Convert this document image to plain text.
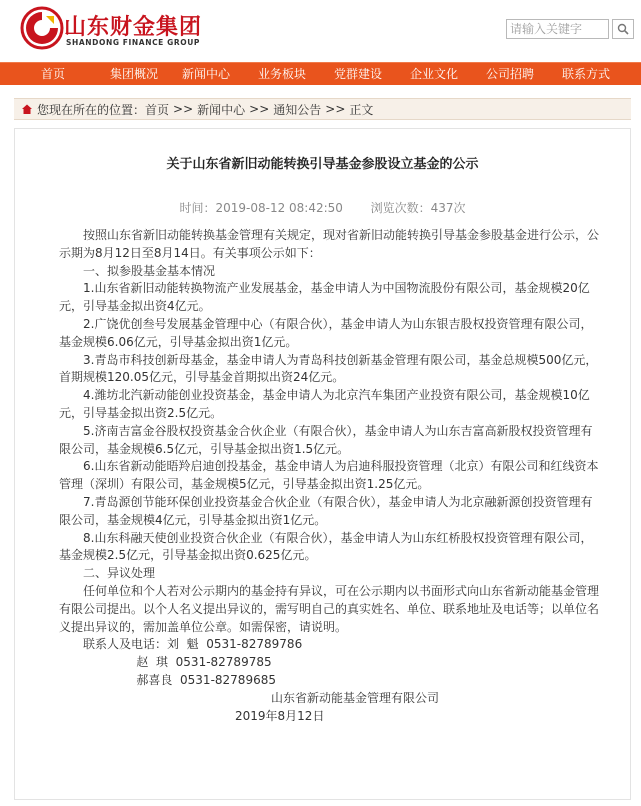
山东财金集团
SHANDONG FINANCE GROUP
请输入关键字
首页	集团概况	新闻中心	业务板块	党群建设	企业文化	公司招聘	联系方式
您现在所在的位置： 首页 >> 新闻中心 >> 通知公告 >> 正文
关于山东省新旧动能转换引导基金参股设立基金的公示
时间：2019-08-12 08:42:50 浏览次数：437次

按照山东省新旧动能转换基金管理有关规定，现对省新旧动能转换引导基金参股基金进行公示，公示期为8月12日至8月14日。有关事项公示如下：

一、拟参股基金基本情况

1.山东省新旧动能转换物流产业发展基金，基金申请人为中国物流股份有限公司，基金规模20亿元，引导基金拟出资4亿元。

2.广饶优创叁号发展基金管理中心（有限合伙），基金申请人为山东银吉股权投资管理有限公司，基金规模6.06亿元，引导基金拟出资1亿元。

3.青岛市科技创新母基金，基金申请人为青岛科技创新基金管理有限公司，基金总规模500亿元，首期规模120.05亿元，引导基金首期拟出资24亿元。

4.潍坊北汽新动能创业投资基金，基金申请人为北京汽车集团产业投资有限公司，基金规模10亿元，引导基金拟出资2.5亿元。

5.济南吉富金谷股权投资基金合伙企业（有限合伙），基金申请人为山东吉富高新股权投资管理有限公司，基金规模6.5亿元，引导基金拟出资1.5亿元。

6.山东省新动能晤羚启迪创投基金，基金申请人为启迪科服投资管理（北京）有限公司和红线资本管理（深圳）有限公司，基金规模5亿元，引导基金拟出资1.25亿元。

7.青岛源创节能环保创业投资基金合伙企业（有限合伙），基金申请人为北京融新源创投资管理有限公司，基金规模4亿元，引导基金拟出资1亿元。

8.山东科融天使创业投资合伙企业（有限合伙），基金申请人为山东红桥股权投资管理有限公司，基金规模2.5亿元，引导基金拟出资0.625亿元。

二、异议处理

任何单位和个人若对公示期内的基金持有异议，可在公示期内以书面形式向山东省新动能基金管理有限公司提出。以个人名义提出异议的，需写明自己的真实姓名、单位、联系地址及电话等；以单位名义提出异议的，需加盖单位公章。如需保密，请说明。

联系人及电话：刘  魁  0531-82789786

赵  琪  0531-82789785

郝喜良  0531-82789685

山东省新动能基金管理有限公司

2019年8月12日
